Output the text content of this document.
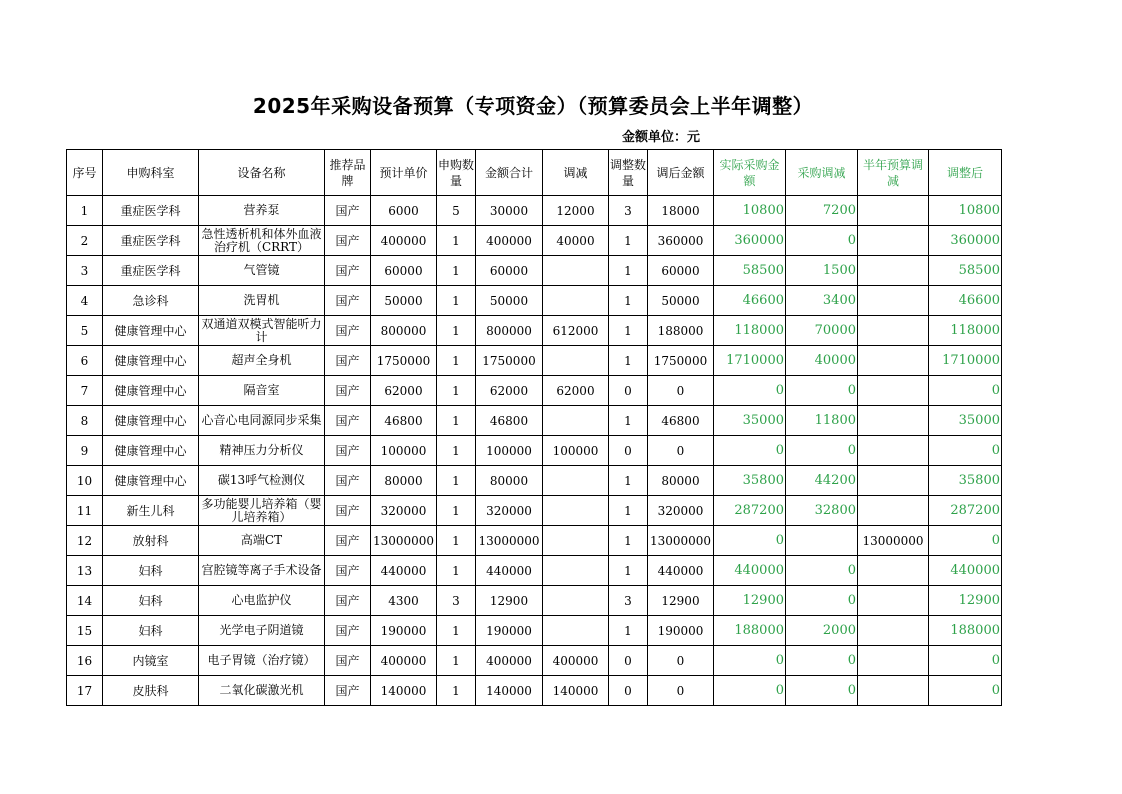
2025年采购设备预算（专项资金）（预算委员会上半年调整）
金额单位：元
序号	申购科室	设备名称	推荐品牌	预计单价	申购数量	金额合计	调减	调整数量	调后金额	实际采购金额	采购调减	半年预算调减	调整后
1	重症医学科	营养泵	国产	6000	5	30000	12000	3	18000	10800	7200		10800
2	重症医学科	急性透析机和体外血液治疗机（CRRT）	国产	400000	1	400000	40000	1	360000	360000	0		360000
3	重症医学科	气管镜	国产	60000	1	60000		1	60000	58500	1500		58500
4	急诊科	洗胃机	国产	50000	1	50000		1	50000	46600	3400		46600
5	健康管理中心	双通道双模式智能听力计	国产	800000	1	800000	612000	1	188000	118000	70000		118000
6	健康管理中心	超声全身机	国产	1750000	1	1750000		1	1750000	1710000	40000		1710000
7	健康管理中心	隔音室	国产	62000	1	62000	62000	0	0	0	0		0
8	健康管理中心	心音心电同源同步采集	国产	46800	1	46800		1	46800	35000	11800		35000
9	健康管理中心	精神压力分析仪	国产	100000	1	100000	100000	0	0	0	0		0
10	健康管理中心	碳13呼气检测仪	国产	80000	1	80000		1	80000	35800	44200		35800
11	新生儿科	多功能婴儿培养箱（婴儿培养箱）	国产	320000	1	320000		1	320000	287200	32800		287200
12	放射科	高端CT	国产	13000000	1	13000000		1	13000000	0		13000000	0
13	妇科	宫腔镜等离子手术设备	国产	440000	1	440000		1	440000	440000	0		440000
14	妇科	心电监护仪	国产	4300	3	12900		3	12900	12900	0		12900
15	妇科	光学电子阴道镜	国产	190000	1	190000		1	190000	188000	2000		188000
16	内镜室	电子胃镜（治疗镜）	国产	400000	1	400000	400000	0	0	0	0		0
17	皮肤科	二氧化碳激光机	国产	140000	1	140000	140000	0	0	0	0		0
